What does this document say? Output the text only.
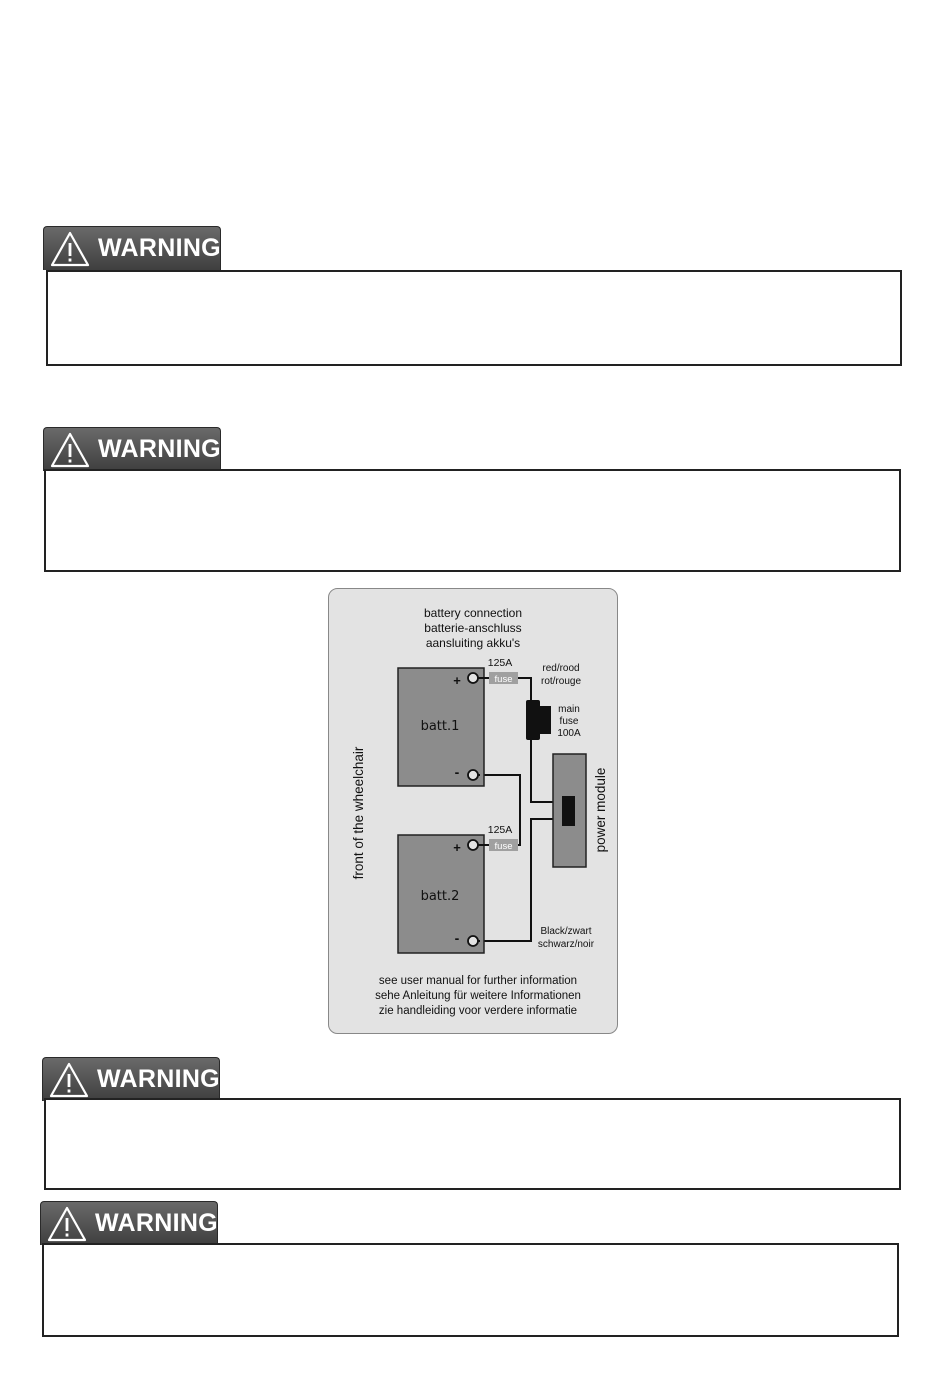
WARNING
WARNING
battery connection
batterie-anschluss
aansluiting akku's
batt.1
+
-
125A
fuse
batt.2
+
-
125A
fuse
main
fuse
100A
red/rood
rot/rouge
Black/zwart
schwarz/noir
power module
front of the wheelchair
see user manual for further information
sehe Anleitung für weitere Informationen
zie handleiding voor verdere informatie
WARNING
WARNING
